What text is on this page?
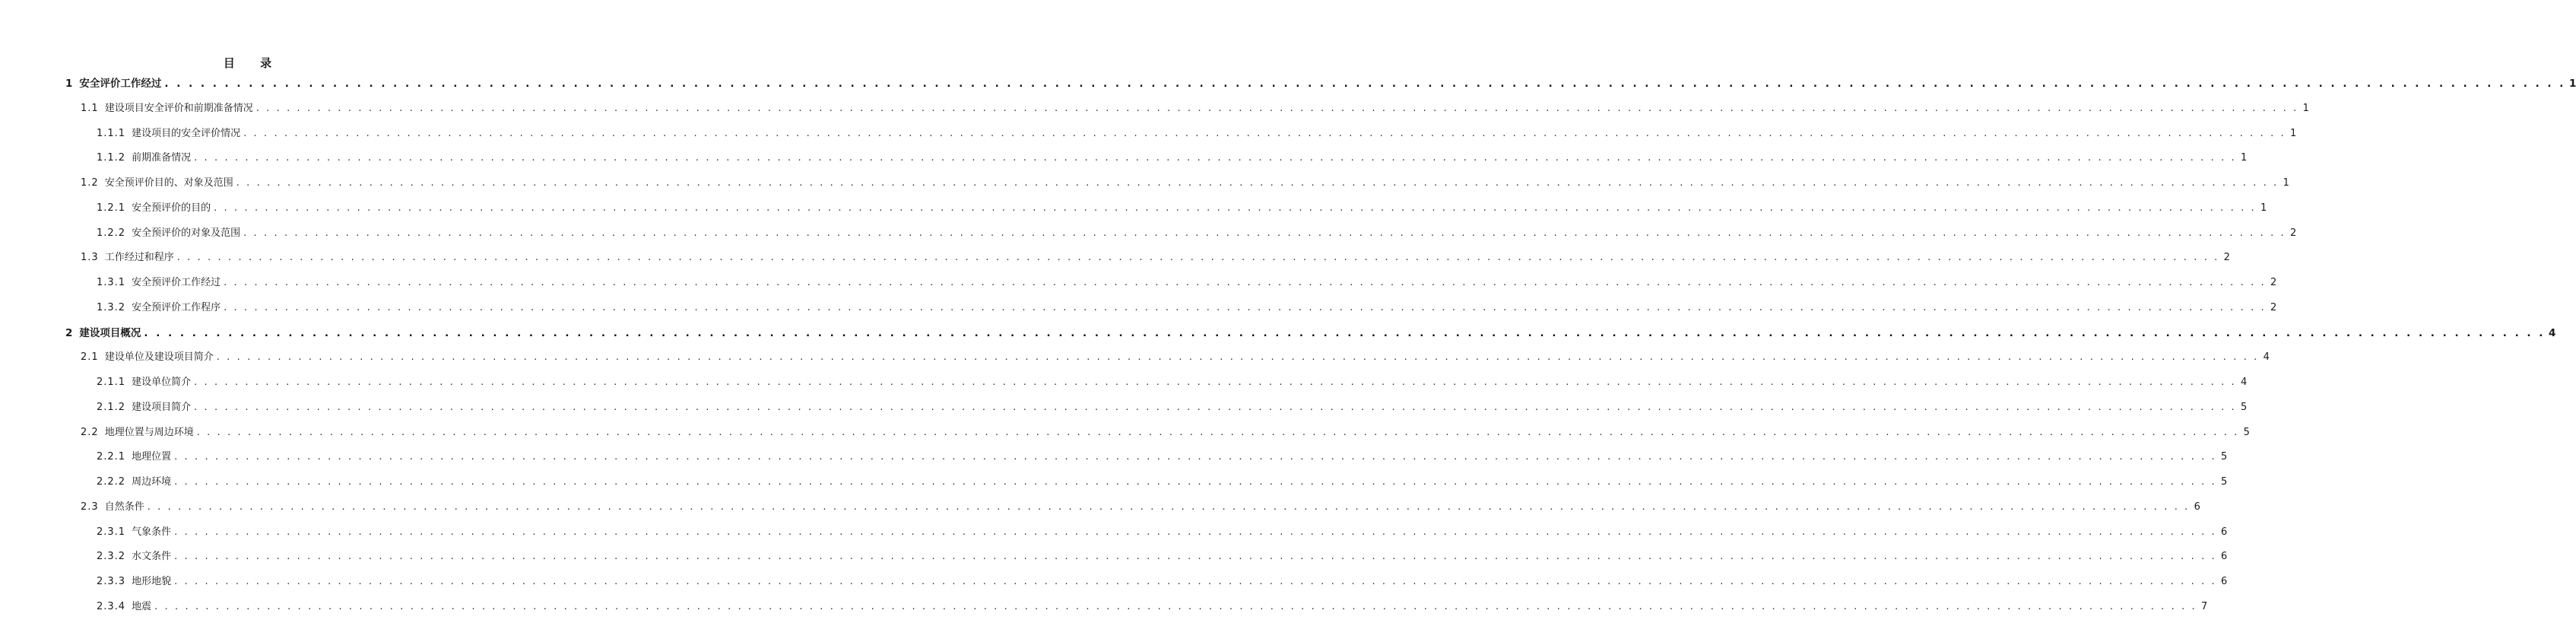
目 录
1 安全评价工作经过 . . . . . . . . . . . . . . . . . . . . . . . . . . . . . . . . . . . . . . . . . . . . . . . . . . . . . . . . . . . . . . . . . . . . . . . . . . . . . . . . . . . . . . . . . . . . . . . . . . . . . . . . . . . . . . . . . . . . . . . . . . . . . . . . . . . . . . . . . . . . . . . . . . . . . . . . . . . . . . . . . . . . . . . . . . . . . . . . . . . . . . . . . . . . . . . . . . . . . . . . 1
1.1 建设项目安全评价和前期准备情况 . . . . . . . . . . . . . . . . . . . . . . . . . . . . . . . . . . . . . . . . . . . . . . . . . . . . . . . . . . . . . . . . . . . . . . . . . . . . . . . . . . . . . . . . . . . . . . . . . . . . . . . . . . . . . . . . . . . . . . . . . . . . . . . . . . . . . . . . . . . . . . . . . . . . . . . . . . . . . . . . . . . . . . . . . . . . . . . . . . . . . . . . . . . . . . . . . . . . . . . . 1
1.1.1 建设项目的安全评价情况 . . . . . . . . . . . . . . . . . . . . . . . . . . . . . . . . . . . . . . . . . . . . . . . . . . . . . . . . . . . . . . . . . . . . . . . . . . . . . . . . . . . . . . . . . . . . . . . . . . . . . . . . . . . . . . . . . . . . . . . . . . . . . . . . . . . . . . . . . . . . . . . . . . . . . . . . . . . . . . . . . . . . . . . . . . . . . . . . . . . . . . . . . . . . . . . . . . . . . . . . 1
1.1.2 前期准备情况 . . . . . . . . . . . . . . . . . . . . . . . . . . . . . . . . . . . . . . . . . . . . . . . . . . . . . . . . . . . . . . . . . . . . . . . . . . . . . . . . . . . . . . . . . . . . . . . . . . . . . . . . . . . . . . . . . . . . . . . . . . . . . . . . . . . . . . . . . . . . . . . . . . . . . . . . . . . . . . . . . . . . . . . . . . . . . . . . . . . . . . . . . . . . . . . . . . . . . . . . 1
1.2 安全预评价目的、对象及范围 . . . . . . . . . . . . . . . . . . . . . . . . . . . . . . . . . . . . . . . . . . . . . . . . . . . . . . . . . . . . . . . . . . . . . . . . . . . . . . . . . . . . . . . . . . . . . . . . . . . . . . . . . . . . . . . . . . . . . . . . . . . . . . . . . . . . . . . . . . . . . . . . . . . . . . . . . . . . . . . . . . . . . . . . . . . . . . . . . . . . . . . . . . . . . . . . . . . . . . . . 1
1.2.1 安全预评价的目的 . . . . . . . . . . . . . . . . . . . . . . . . . . . . . . . . . . . . . . . . . . . . . . . . . . . . . . . . . . . . . . . . . . . . . . . . . . . . . . . . . . . . . . . . . . . . . . . . . . . . . . . . . . . . . . . . . . . . . . . . . . . . . . . . . . . . . . . . . . . . . . . . . . . . . . . . . . . . . . . . . . . . . . . . . . . . . . . . . . . . . . . . . . . . . . . . . . . . . . . . 1
1.2.2 安全预评价的对象及范围 . . . . . . . . . . . . . . . . . . . . . . . . . . . . . . . . . . . . . . . . . . . . . . . . . . . . . . . . . . . . . . . . . . . . . . . . . . . . . . . . . . . . . . . . . . . . . . . . . . . . . . . . . . . . . . . . . . . . . . . . . . . . . . . . . . . . . . . . . . . . . . . . . . . . . . . . . . . . . . . . . . . . . . . . . . . . . . . . . . . . . . . . . . . . . . . . . . . . . . . . 2
1.3 工作经过和程序 . . . . . . . . . . . . . . . . . . . . . . . . . . . . . . . . . . . . . . . . . . . . . . . . . . . . . . . . . . . . . . . . . . . . . . . . . . . . . . . . . . . . . . . . . . . . . . . . . . . . . . . . . . . . . . . . . . . . . . . . . . . . . . . . . . . . . . . . . . . . . . . . . . . . . . . . . . . . . . . . . . . . . . . . . . . . . . . . . . . . . . . . . . . . . . . . . . . . . . . . 2
1.3.1 安全预评价工作经过 . . . . . . . . . . . . . . . . . . . . . . . . . . . . . . . . . . . . . . . . . . . . . . . . . . . . . . . . . . . . . . . . . . . . . . . . . . . . . . . . . . . . . . . . . . . . . . . . . . . . . . . . . . . . . . . . . . . . . . . . . . . . . . . . . . . . . . . . . . . . . . . . . . . . . . . . . . . . . . . . . . . . . . . . . . . . . . . . . . . . . . . . . . . . . . . . . . . . . . . . 2
1.3.2 安全预评价工作程序 . . . . . . . . . . . . . . . . . . . . . . . . . . . . . . . . . . . . . . . . . . . . . . . . . . . . . . . . . . . . . . . . . . . . . . . . . . . . . . . . . . . . . . . . . . . . . . . . . . . . . . . . . . . . . . . . . . . . . . . . . . . . . . . . . . . . . . . . . . . . . . . . . . . . . . . . . . . . . . . . . . . . . . . . . . . . . . . . . . . . . . . . . . . . . . . . . . . . . . . . 2
2 建设项目概况 . . . . . . . . . . . . . . . . . . . . . . . . . . . . . . . . . . . . . . . . . . . . . . . . . . . . . . . . . . . . . . . . . . . . . . . . . . . . . . . . . . . . . . . . . . . . . . . . . . . . . . . . . . . . . . . . . . . . . . . . . . . . . . . . . . . . . . . . . . . . . . . . . . . . . . . . . . . . . . . . . . . . . . . . . . . . . . . . . . . . . . . . . . . . . . . . . . . . . . . . 4
2.1 建设单位及建设项目简介 . . . . . . . . . . . . . . . . . . . . . . . . . . . . . . . . . . . . . . . . . . . . . . . . . . . . . . . . . . . . . . . . . . . . . . . . . . . . . . . . . . . . . . . . . . . . . . . . . . . . . . . . . . . . . . . . . . . . . . . . . . . . . . . . . . . . . . . . . . . . . . . . . . . . . . . . . . . . . . . . . . . . . . . . . . . . . . . . . . . . . . . . . . . . . . . . . . . . . . . . 4
2.1.1 建设单位简介 . . . . . . . . . . . . . . . . . . . . . . . . . . . . . . . . . . . . . . . . . . . . . . . . . . . . . . . . . . . . . . . . . . . . . . . . . . . . . . . . . . . . . . . . . . . . . . . . . . . . . . . . . . . . . . . . . . . . . . . . . . . . . . . . . . . . . . . . . . . . . . . . . . . . . . . . . . . . . . . . . . . . . . . . . . . . . . . . . . . . . . . . . . . . . . . . . . . . . . . . 4
2.1.2 建设项目简介 . . . . . . . . . . . . . . . . . . . . . . . . . . . . . . . . . . . . . . . . . . . . . . . . . . . . . . . . . . . . . . . . . . . . . . . . . . . . . . . . . . . . . . . . . . . . . . . . . . . . . . . . . . . . . . . . . . . . . . . . . . . . . . . . . . . . . . . . . . . . . . . . . . . . . . . . . . . . . . . . . . . . . . . . . . . . . . . . . . . . . . . . . . . . . . . . . . . . . . . . 5
2.2 地理位置与周边环境 . . . . . . . . . . . . . . . . . . . . . . . . . . . . . . . . . . . . . . . . . . . . . . . . . . . . . . . . . . . . . . . . . . . . . . . . . . . . . . . . . . . . . . . . . . . . . . . . . . . . . . . . . . . . . . . . . . . . . . . . . . . . . . . . . . . . . . . . . . . . . . . . . . . . . . . . . . . . . . . . . . . . . . . . . . . . . . . . . . . . . . . . . . . . . . . . . . . . . . . . 5
2.2.1 地理位置 . . . . . . . . . . . . . . . . . . . . . . . . . . . . . . . . . . . . . . . . . . . . . . . . . . . . . . . . . . . . . . . . . . . . . . . . . . . . . . . . . . . . . . . . . . . . . . . . . . . . . . . . . . . . . . . . . . . . . . . . . . . . . . . . . . . . . . . . . . . . . . . . . . . . . . . . . . . . . . . . . . . . . . . . . . . . . . . . . . . . . . . . . . . . . . . . . . . . . . . . 5
2.2.2 周边环境 . . . . . . . . . . . . . . . . . . . . . . . . . . . . . . . . . . . . . . . . . . . . . . . . . . . . . . . . . . . . . . . . . . . . . . . . . . . . . . . . . . . . . . . . . . . . . . . . . . . . . . . . . . . . . . . . . . . . . . . . . . . . . . . . . . . . . . . . . . . . . . . . . . . . . . . . . . . . . . . . . . . . . . . . . . . . . . . . . . . . . . . . . . . . . . . . . . . . . . . . 5
2.3 自然条件 . . . . . . . . . . . . . . . . . . . . . . . . . . . . . . . . . . . . . . . . . . . . . . . . . . . . . . . . . . . . . . . . . . . . . . . . . . . . . . . . . . . . . . . . . . . . . . . . . . . . . . . . . . . . . . . . . . . . . . . . . . . . . . . . . . . . . . . . . . . . . . . . . . . . . . . . . . . . . . . . . . . . . . . . . . . . . . . . . . . . . . . . . . . . . . . . . . . . . . . . 6
2.3.1 气象条件 . . . . . . . . . . . . . . . . . . . . . . . . . . . . . . . . . . . . . . . . . . . . . . . . . . . . . . . . . . . . . . . . . . . . . . . . . . . . . . . . . . . . . . . . . . . . . . . . . . . . . . . . . . . . . . . . . . . . . . . . . . . . . . . . . . . . . . . . . . . . . . . . . . . . . . . . . . . . . . . . . . . . . . . . . . . . . . . . . . . . . . . . . . . . . . . . . . . . . . . . 6
2.3.2 水文条件 . . . . . . . . . . . . . . . . . . . . . . . . . . . . . . . . . . . . . . . . . . . . . . . . . . . . . . . . . . . . . . . . . . . . . . . . . . . . . . . . . . . . . . . . . . . . . . . . . . . . . . . . . . . . . . . . . . . . . . . . . . . . . . . . . . . . . . . . . . . . . . . . . . . . . . . . . . . . . . . . . . . . . . . . . . . . . . . . . . . . . . . . . . . . . . . . . . . . . . . . 6
2.3.3 地形地貌 . . . . . . . . . . . . . . . . . . . . . . . . . . . . . . . . . . . . . . . . . . . . . . . . . . . . . . . . . . . . . . . . . . . . . . . . . . . . . . . . . . . . . . . . . . . . . . . . . . . . . . . . . . . . . . . . . . . . . . . . . . . . . . . . . . . . . . . . . . . . . . . . . . . . . . . . . . . . . . . . . . . . . . . . . . . . . . . . . . . . . . . . . . . . . . . . . . . . . . . . 6
2.3.4 地震 . . . . . . . . . . . . . . . . . . . . . . . . . . . . . . . . . . . . . . . . . . . . . . . . . . . . . . . . . . . . . . . . . . . . . . . . . . . . . . . . . . . . . . . . . . . . . . . . . . . . . . . . . . . . . . . . . . . . . . . . . . . . . . . . . . . . . . . . . . . . . . . . . . . . . . . . . . . . . . . . . . . . . . . . . . . . . . . . . . . . . . . . . . . . . . . . . . . . . . . . 7
